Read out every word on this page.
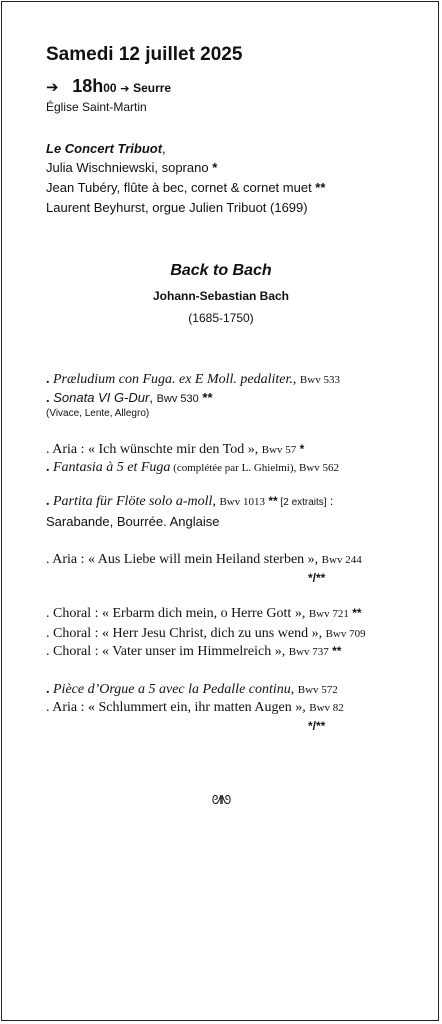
Samedi 12 juillet 2025
➔ 18h00 ➔ Seurre
Église Saint-Martin
Le Concert Tribuot,
Julia Wischniewski, soprano *
Jean Tubéry, flûte à bec, cornet & cornet muet **
Laurent Beyhurst, orgue Julien Tribuot (1699)
Back to Bach
Johann-Sebastian Bach
(1685-1750)
. Præludium con Fuga. ex E Moll. pedaliter., Bwv 533
. Sonata VI G-Dur, Bwv 530 **
(Vivace, Lente, Allegro)
. Aria : « Ich wünschte mir den Tod », Bwv 57 *
. Fantasia à 5 et Fuga (complétée par L. Ghielmi), Bwv 562
. Partita für Flöte solo a-moll, Bwv 1013 ** [2 extraits] :
Sarabande, Bourrée. Anglaise
. Aria : « Aus Liebe will mein Heiland sterben », Bwv 244
*/**
. Choral : « Erbarm dich mein, o Herre Gott », Bwv 721 **
. Choral : « Herr Jesu Christ, dich zu uns wend », Bwv 709
. Choral : « Vater unser im Himmelreich », Bwv 737 **
. Pièce d’Orgue a 5 avec la Pedalle continu, Bwv 572
. Aria : « Schlummert ein, ihr matten Augen », Bwv 82
*/**
ᘛᘚ
